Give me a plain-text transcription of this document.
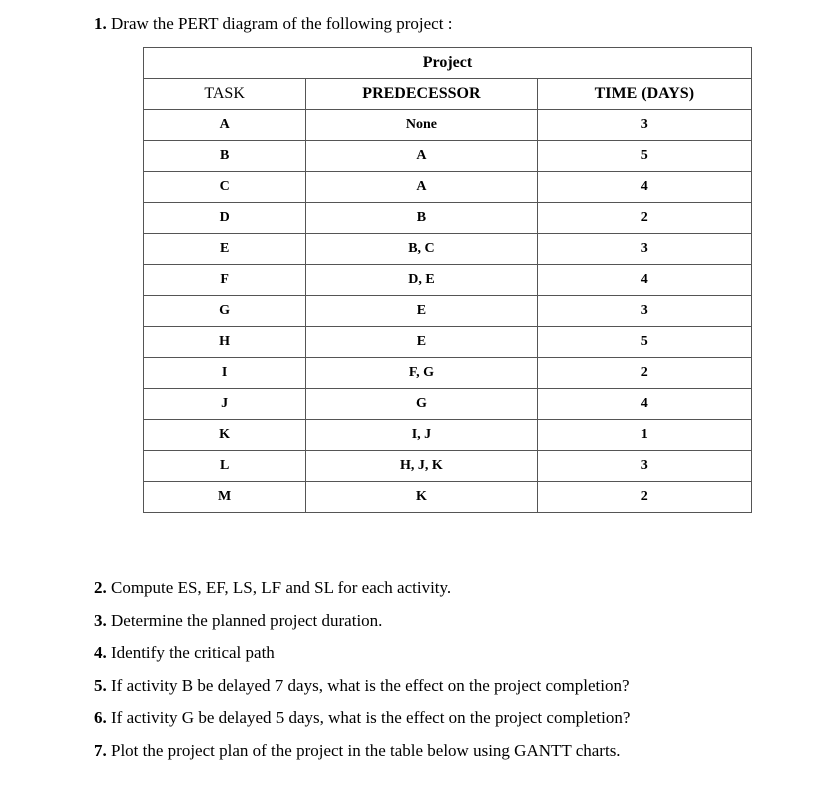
1. Draw the PERT diagram of the following project :

Project		
TASK	PREDECESSOR	TIME (DAYS)
A	None	3
B	A	5
C	A	4
D	B	2
E	B, C	3
F	D, E	4
G	E	3
H	E	5
I	F, G	2
J	G	4
K	I, J	1
L	H, J, K	3
M	K	2

2. Compute ES, EF, LS, LF and SL for each activity.

3. Determine the planned project duration.

4. Identify the critical path

5. If activity B be delayed 7 days, what is the effect on the project completion?

6. If activity G be delayed 5 days, what is the effect on the project completion?

7. Plot the project plan of the project in the table below using GANTT charts.
